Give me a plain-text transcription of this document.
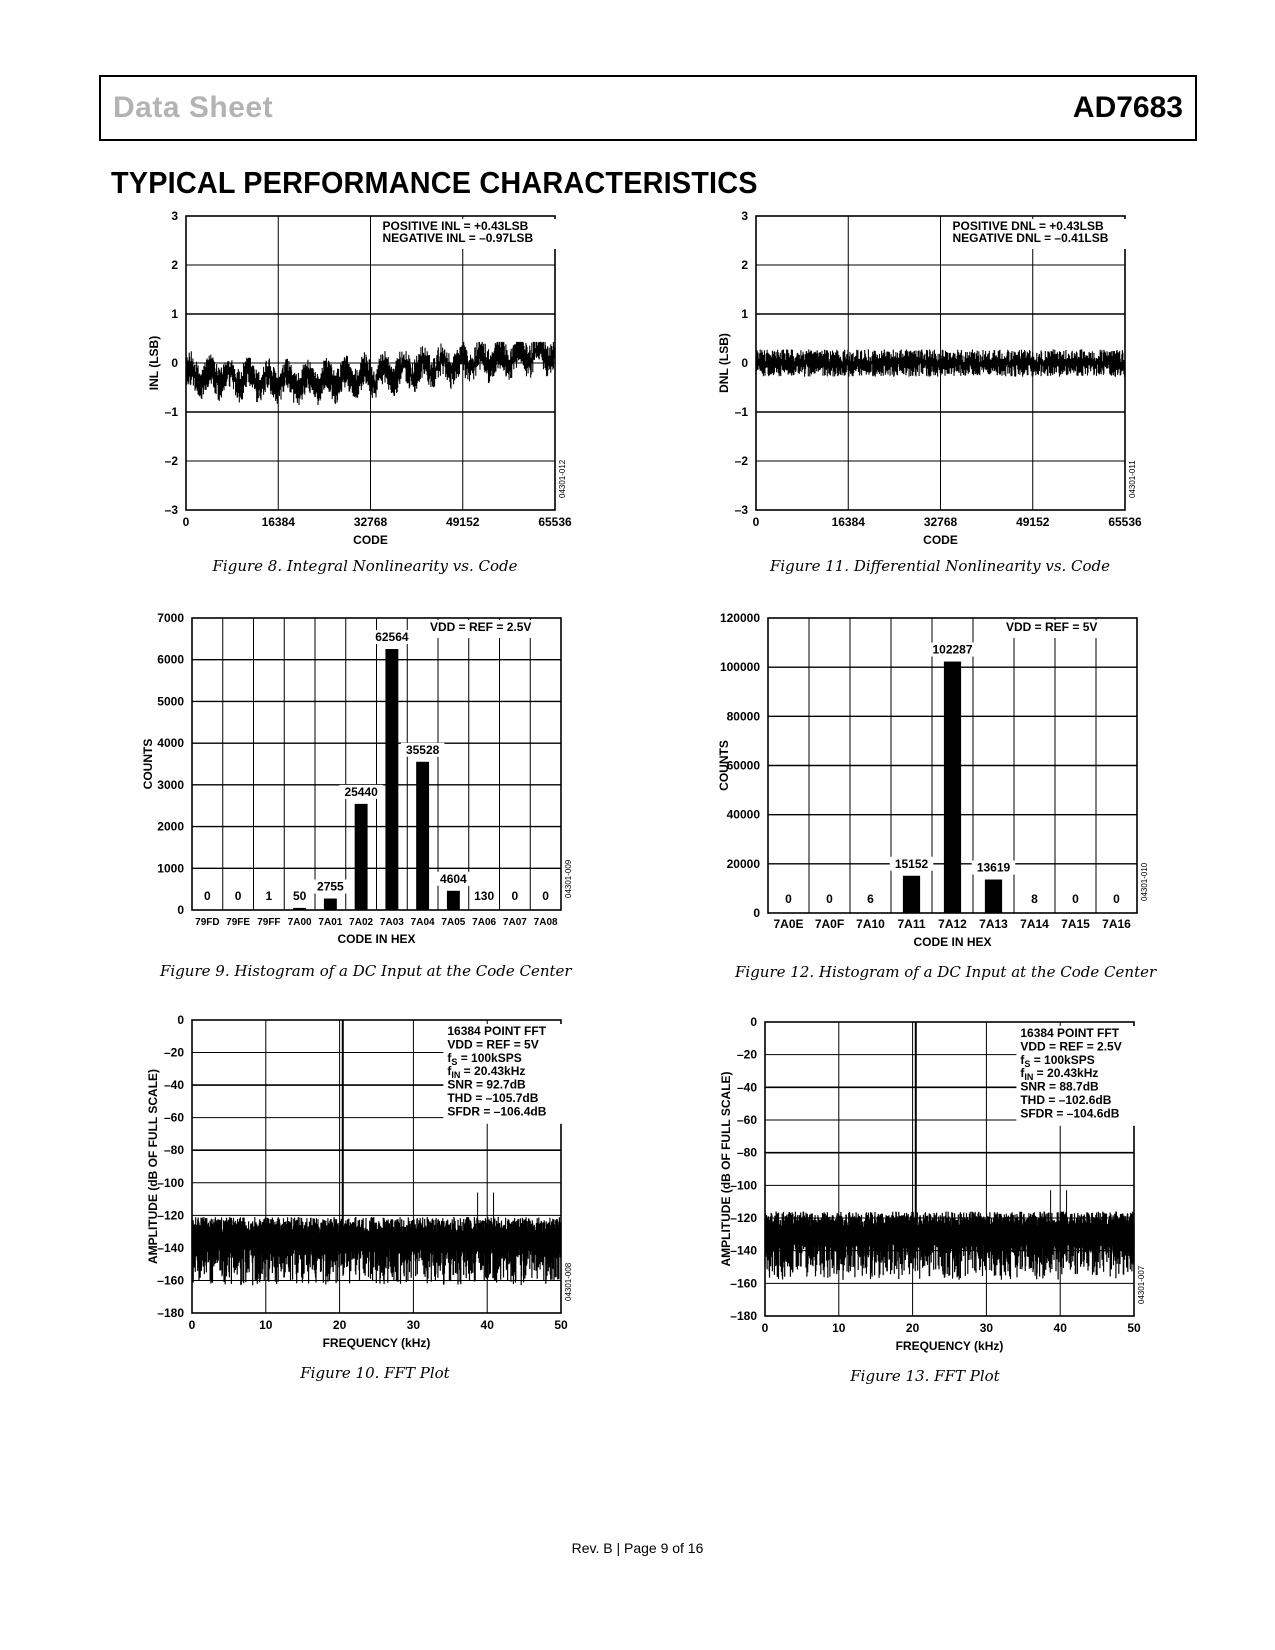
Data Sheet	AD7683
TYPICAL PERFORMANCE CHARACTERISTICS
3
2
1
0
–1
–2
–3
0	16384	32768	49152	65536
CODE
INL (LSB)
POSITIVE INL = +0.43LSB
NEGATIVE INL = –0.97LSB
04301-012
3
2
1
0
–1
–2
–3
0	16384	32768	49152	65536
CODE
DNL (LSB)
POSITIVE DNL = +0.43LSB
NEGATIVE DNL = –0.41LSB
04301-011
0 0 1 50
2755
25440
62564
35528
4604
130 0 0
0
1000
2000
3000
4000
5000
6000
7000
79FD 79FE 79FF 7A00 7A01 7A02 7A03 7A04 7A05 7A06 7A07 7A08
CODE IN HEX
COUNTS
VDD = REF = 2.5V
04301-009
0	0	6
15152
102287
13619
8	0	0
0
20000
40000
60000
80000
100000
120000
7A0E 7A0F 7A10 7A11 7A12 7A13 7A14 7A15 7A16
CODE IN HEX
COUNTS
VDD = REF = 5V
04301-010
0
–20
–40
–60
–80
–100
–120
–140
–160
–180
0	10	20	30	40	50
FREQUENCY (kHz)
AMPLITUDE (dB OF FULL SCALE)
16384 POINT FFT
VDD = REF = 5V
$f_S$ = 100kSPS
$f_{IN} = 20.43kHz$
SNR = 92.7dB
THD = –105.7dB
SFDR = –106.4dB
04301-008
0
–20
–40
–60
–80
–100
–120
–140
–160
–180
0	10	20	30	40	50
FREQUENCY (kHz)
AMPLITUDE (dB OF FULL SCALE)
16384 POINT FFT
VDD = REF = 2.5V
$f_S$ = 100kSPS
$f_{IN} = 20.43kHz$
SNR = 88.7dB
THD = –102.6dB
SFDR = –104.6dB
04301-007
Figure 8. Integral Nonlinearity vs. Code	Figure 11. Differential Nonlinearity vs. Code
Figure 9. Histogram of a DC Input at the Code Center	Figure 12. Histogram of a DC Input at the Code Center
Figure 10. FFT Plot	Figure 13. FFT Plot
Rev. B | Page 9 of 16
